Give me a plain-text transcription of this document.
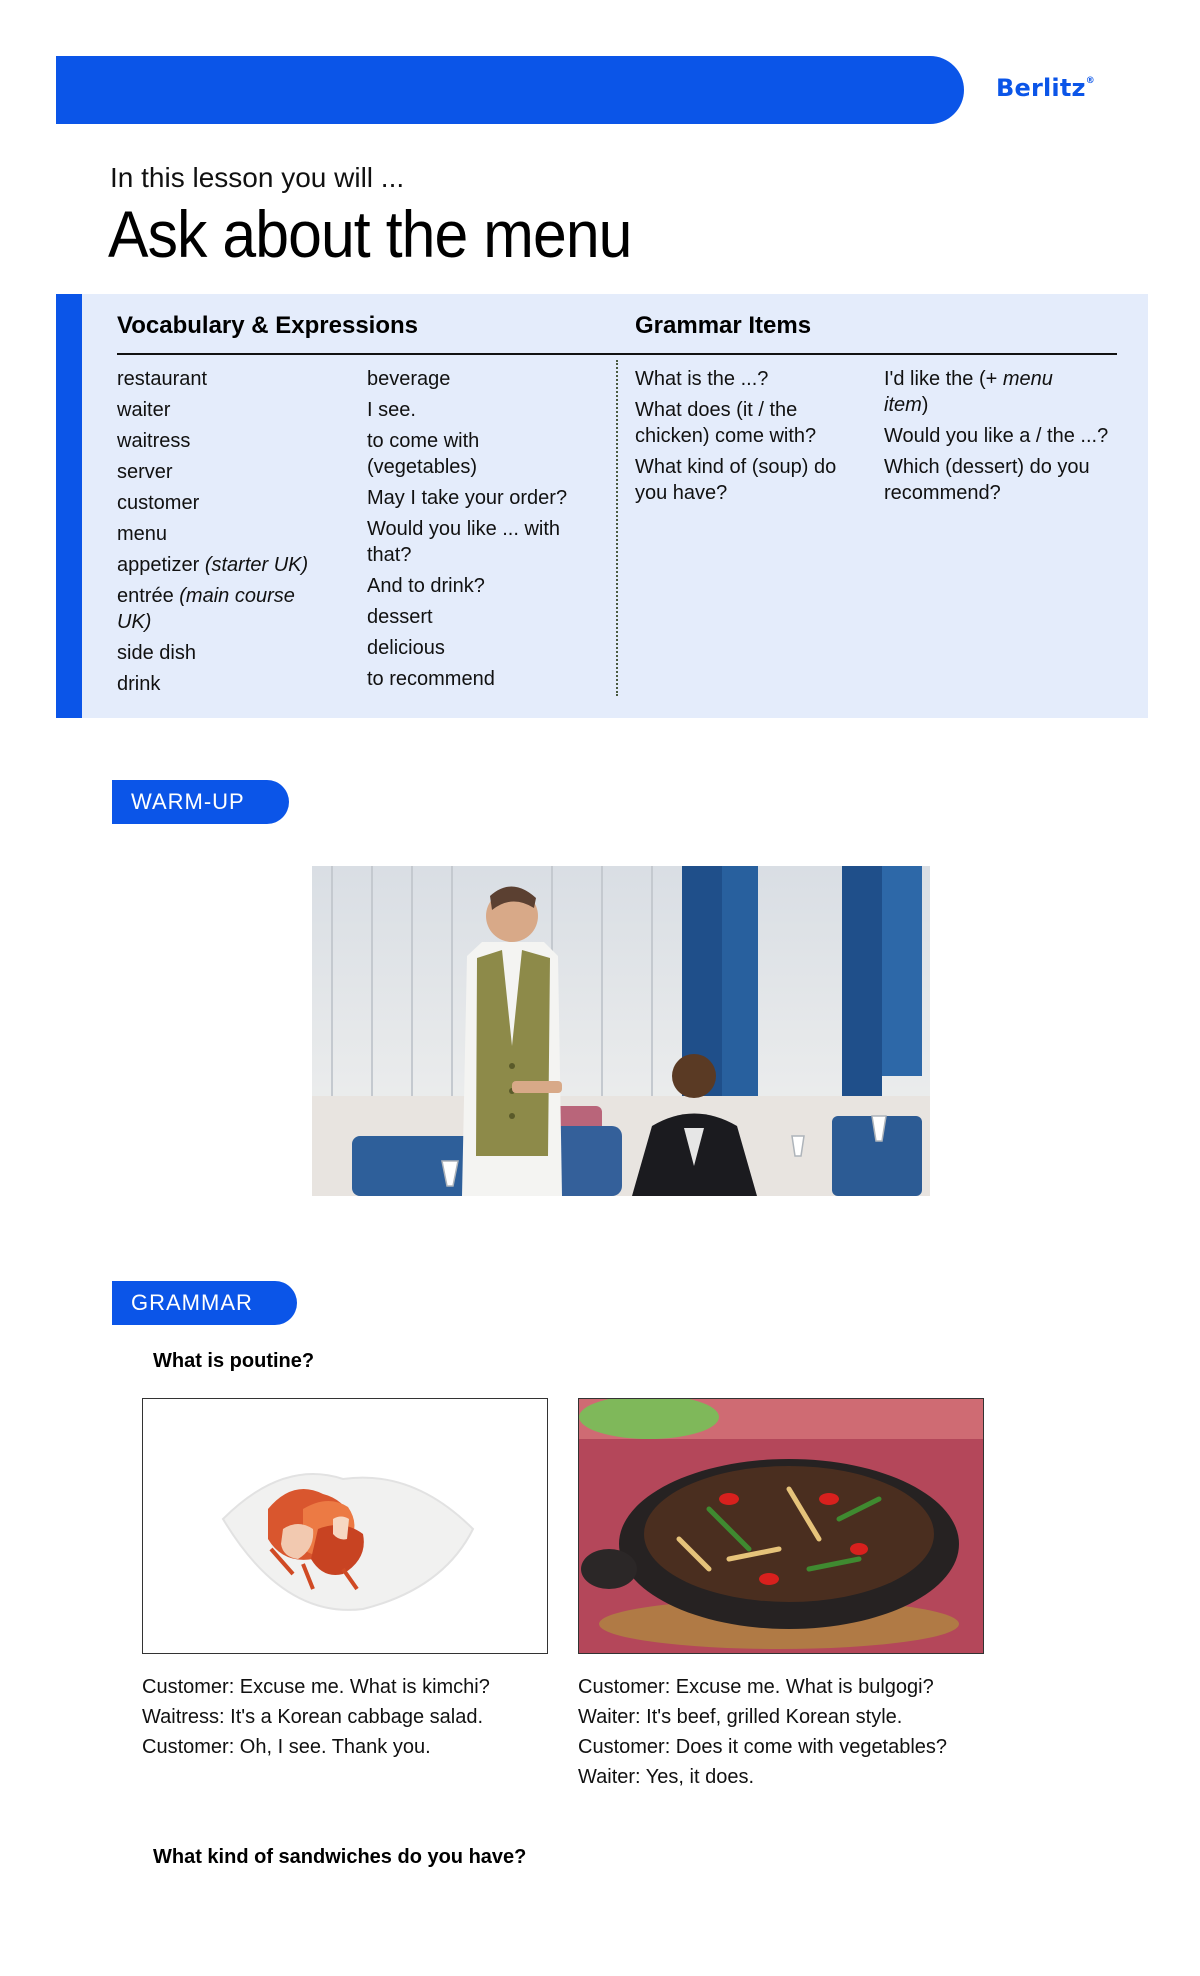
Berlitz®
In this lesson you will ...
Ask about the menu
Vocabulary & Expressions	Grammar Items
restaurant
waiter
waitress
server
customer
menu
appetizer (starter UK)
entrée (main course UK)
side dish
drink
beverage
I see.
to come with (vegetables)
May I take your order?
Would you like ... with that?
And to drink?
dessert
delicious
to recommend
What is the ...?
What does (it / the chicken) come with?
What kind of (soup) do you have?
I'd like the (+ menu item)
Would you like a / the ...?
Which (dessert) do you recommend?
WARM-UP
GRAMMAR
What is poutine?
Customer: Excuse me. What is kimchi?
Waitress: It's a Korean cabbage salad.
Customer: Oh, I see. Thank you.
Customer: Excuse me. What is bulgogi?
Waiter: It's beef, grilled Korean style.
Customer: Does it come with vegetables?
Waiter: Yes, it does.
What kind of sandwiches do you have?
